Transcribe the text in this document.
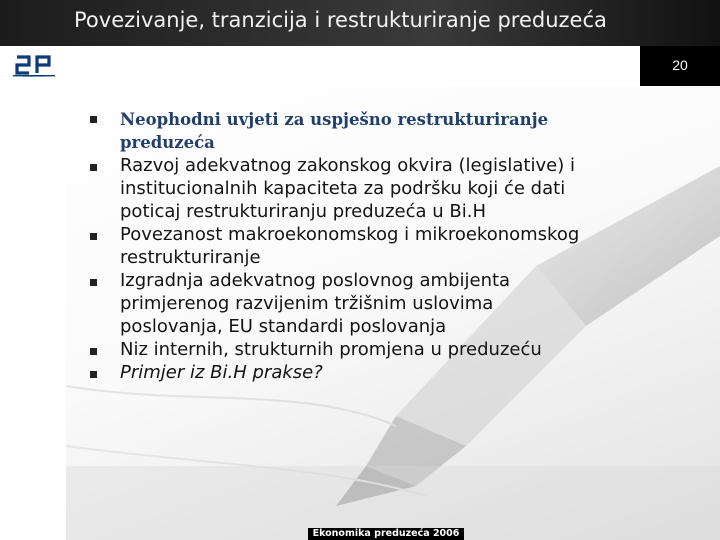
Povezivanje, tranzicija i restrukturiranje preduzeća
EKONOMIKA
20
Neophodni uvjeti za uspješno restrukturiranje
preduzeća
Razvoj adekvatnog zakonskog okvira (legislative) i
institucionalnih kapaciteta za podršku koji će dati
poticaj restrukturiranju preduzeća u Bi.H
Povezanost makroekonomskog i mikroekonomskog
restrukturiranje
Izgradnja adekvatnog poslovnog ambijenta
primjerenog razvijenim tržišnim uslovima
poslovanja, EU standardi poslovanja
Niz internih, strukturnih promjena u preduzeću
Primjer iz Bi.H prakse?
Ekonomika preduzeća 2006
